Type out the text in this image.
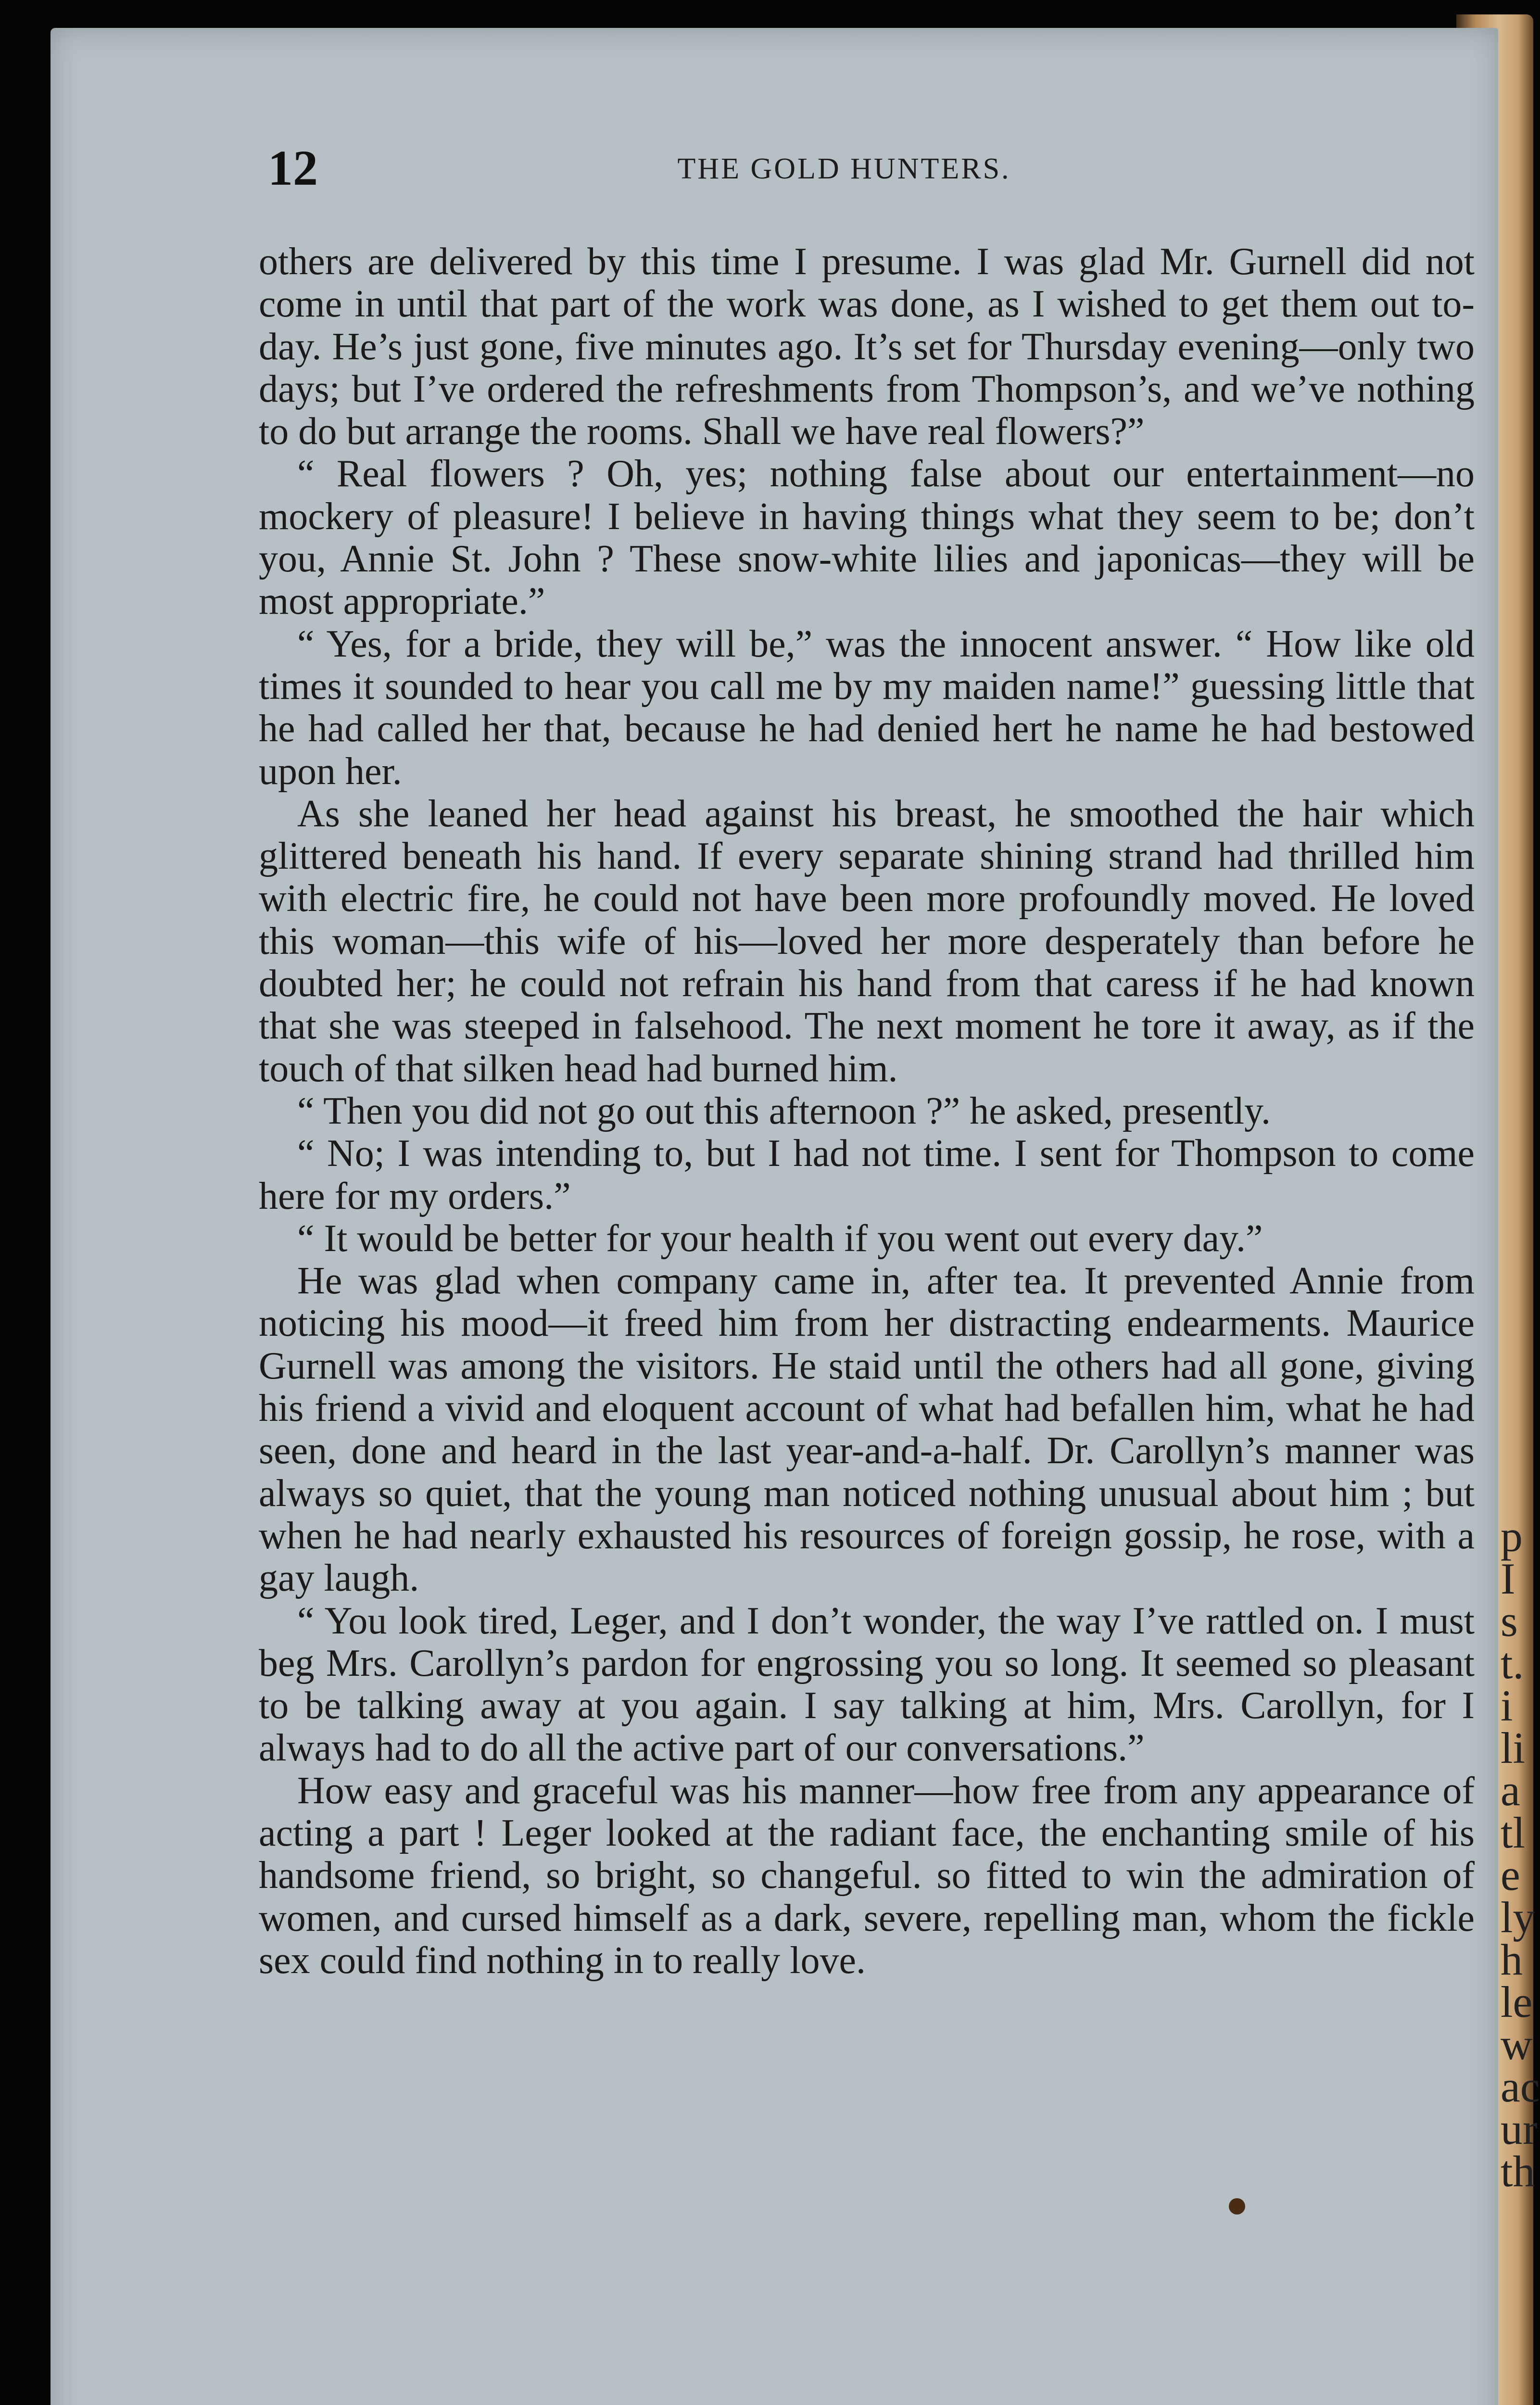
p
I
s
t.
i
li
a
tl
e
ly
h
le
w
ac
ur
th
12	THE GOLD HUNTERS.

others are delivered by this time I presume. I was glad Mr. Gurnell did not come in until that part of the work was done, as I wished to get them out to-day. He’s just gone, five minutes ago. It’s set for Thursday evening—only two days; but I’ve ordered the refreshments from Thompson’s, and we’ve nothing to do but arrange the rooms. Shall we have real flowers?”

“ Real flowers ? Oh, yes; nothing false about our entertainment—no mockery of pleasure! I believe in having things what they seem to be; don’t you, Annie St. John ? These snow-white lilies and japonicas—they will be most appropriate.”

“ Yes, for a bride, they will be,” was the innocent answer. “ How like old times it sounded to hear you call me by my maiden name!” guessing little that he had called her that, because he had denied hert he name he had bestowed upon her.

As she leaned her head against his breast, he smoothed the hair which glittered beneath his hand. If every separate shining strand had thrilled him with electric fire, he could not have been more profoundly moved. He loved this woman—this wife of his—loved her more desperately than before he doubted her; he could not refrain his hand from that caress if he had known that she was steeped in falsehood. The next moment he tore it away, as if the touch of that silken head had burned him.

“ Then you did not go out this afternoon ?” he asked, presently.

“ No; I was intending to, but I had not time. I sent for Thompson to come here for my orders.”

“ It would be better for your health if you went out every day.”

He was glad when company came in, after tea. It prevented Annie from noticing his mood—it freed him from her distracting endearments. Maurice Gurnell was among the visitors. He staid until the others had all gone, giving his friend a vivid and eloquent account of what had befallen him, what he had seen, done and heard in the last year-and-a-half. Dr. Carollyn’s manner was always so quiet, that the young man noticed nothing unusual about him ; but when he had nearly exhausted his resources of foreign gossip, he rose, with a gay laugh.

“ You look tired, Leger, and I don’t wonder, the way I’ve rattled on. I must beg Mrs. Carollyn’s pardon for engrossing you so long. It seemed so pleasant to be talking away at you again. I say talking at him, Mrs. Carollyn, for I always had to do all the active part of our conversations.”

How easy and graceful was his manner—how free from any appearance of acting a part ! Leger looked at the radiant face, the enchanting smile of his handsome friend, so bright, so changeful. so fitted to win the admiration of women, and cursed himself as a dark, severe, repelling man, whom the fickle sex could find nothing in to really love.
